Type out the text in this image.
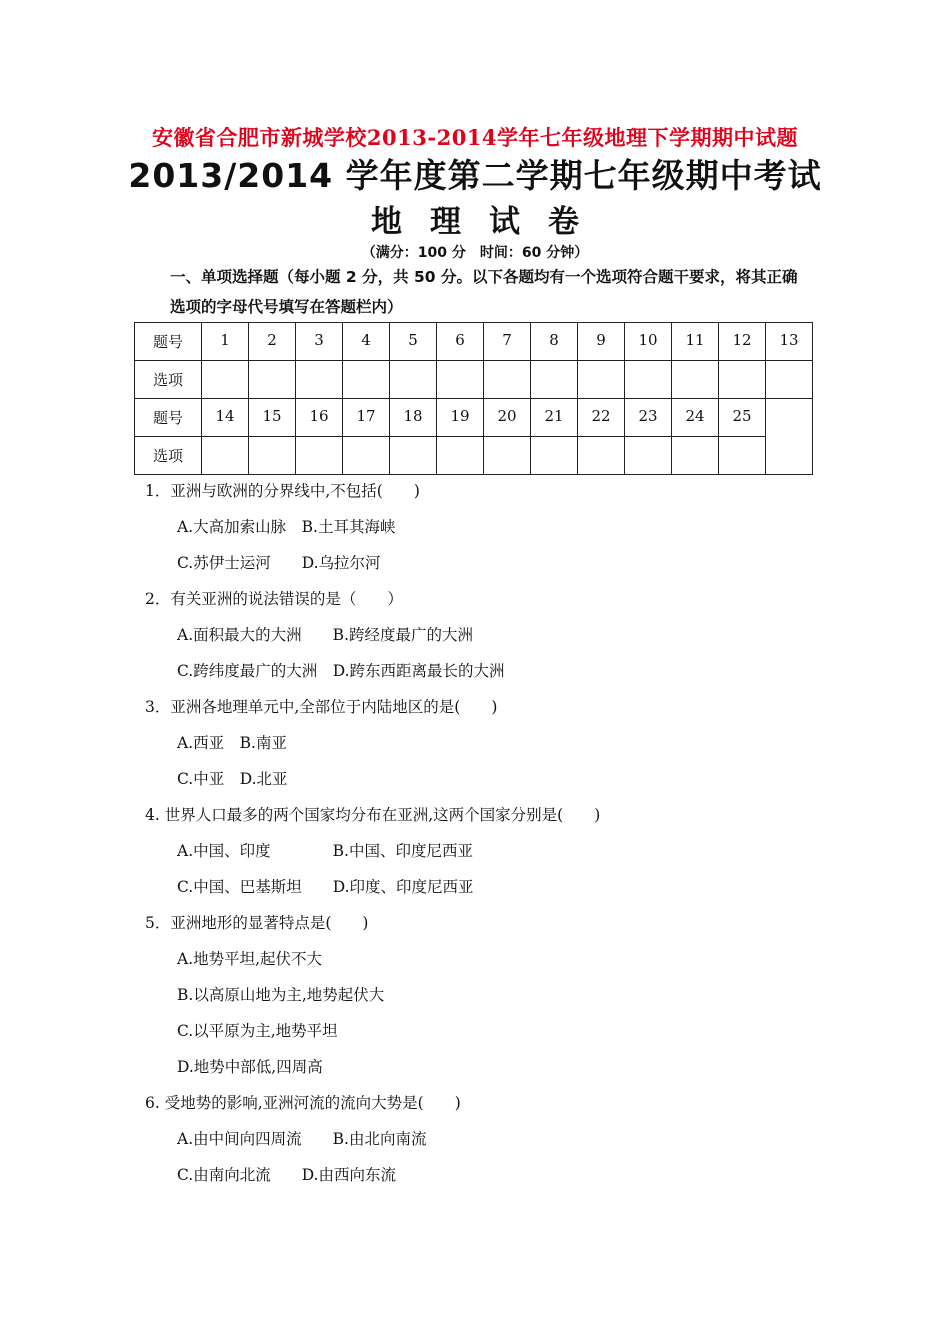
安徽省合肥市新城学校2013-2014学年七年级地理下学期期中试题
2013/2014 学年度第二学期七年级期中考试
地理试卷
（满分：100 分　时间：60 分钟）
一、单项选择题（每小题 2 分，共 50 分。以下各题均有一个选项符合题干要求，将其正确选项的字母代号填写在答题栏内）
题号	1	2	3	4	5	6	7	8	9	10	11	12	13
选项													
题号	14	15	16	17	18	19	20	21	22	23	24	25	
选项													
1．亚洲与欧洲的分界线中,不包括(　　)
A.大高加索山脉　B.土耳其海峡
C.苏伊士运河　　D.乌拉尔河
2．有关亚洲的说法错误的是（　　）
A.面积最大的大洲　　B.跨经度最广的大洲
C.跨纬度最广的大洲　D.跨东西距离最长的大洲
3．亚洲各地理单元中,全部位于内陆地区的是(　　)
A.西亚　B.南亚
C.中亚　D.北亚
4. 世界人口最多的两个国家均分布在亚洲,这两个国家分别是(　　)
A.中国、印度　　　　B.中国、印度尼西亚
C.中国、巴基斯坦　　D.印度、印度尼西亚
5．亚洲地形的显著特点是(　　)
A.地势平坦,起伏不大
B.以高原山地为主,地势起伏大
C.以平原为主,地势平坦
D.地势中部低,四周高
6. 受地势的影响,亚洲河流的流向大势是(　　)
A.由中间向四周流　　B.由北向南流
C.由南向北流　　D.由西向东流
